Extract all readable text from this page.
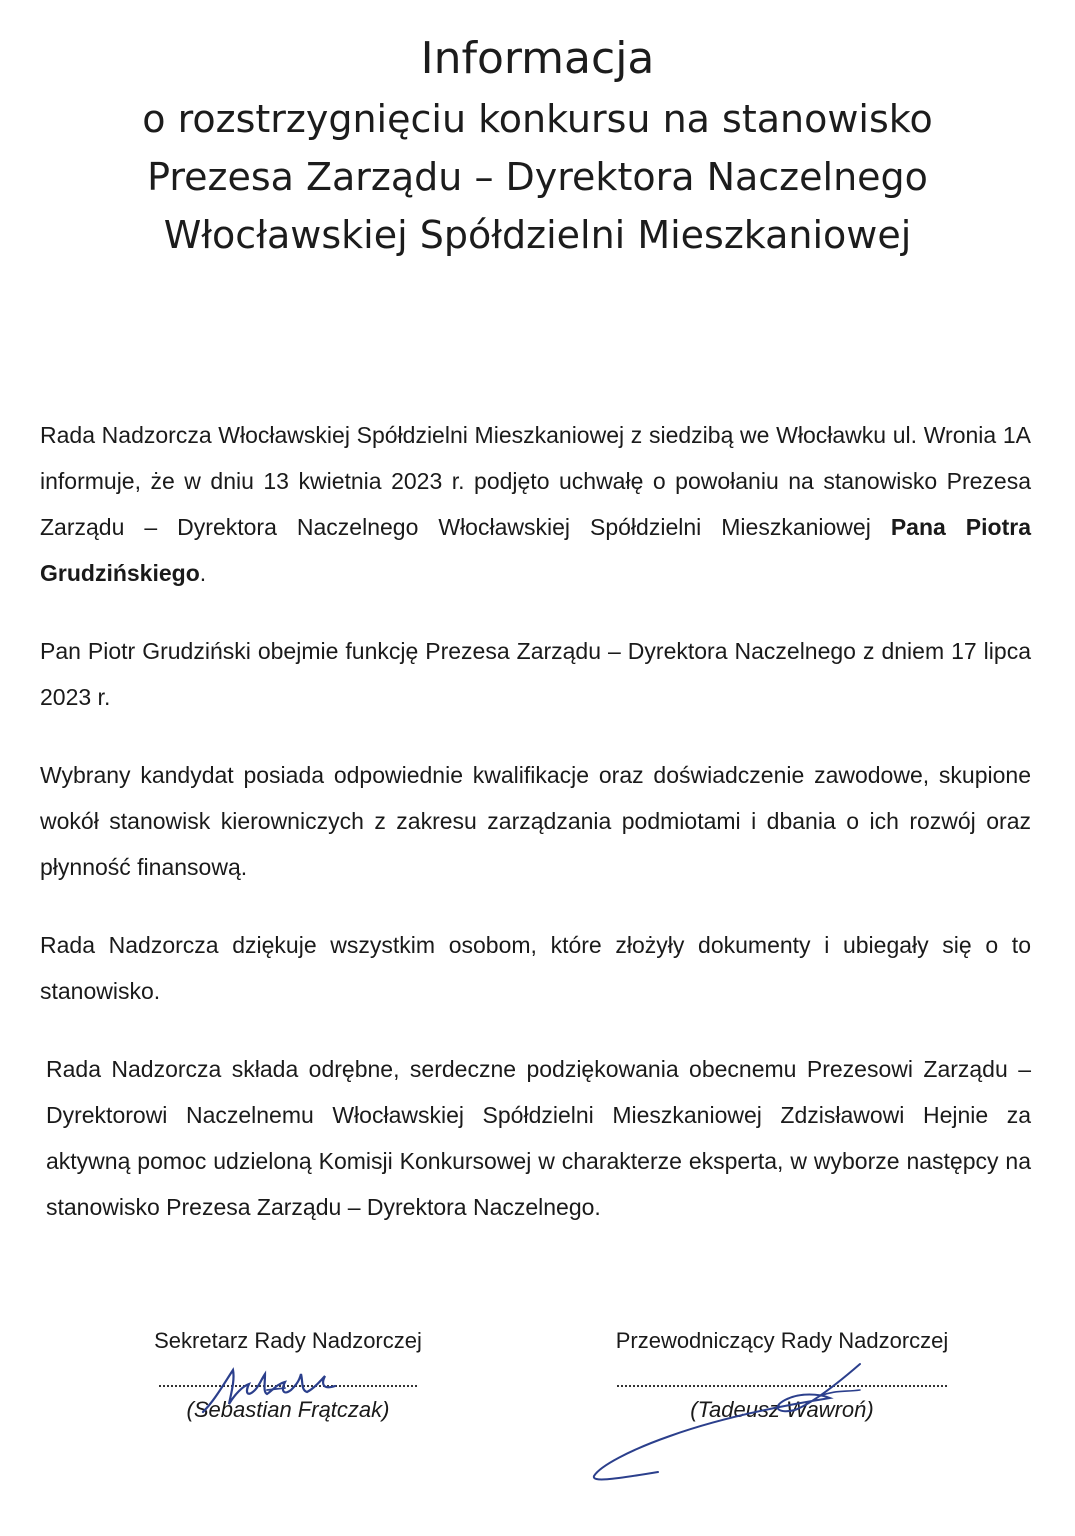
Informacja

o rozstrzygnięciu konkursu na stanowisko

Prezesa Zarządu – Dyrektora Naczelnego

Włocławskiej Spółdzielni Mieszkaniowej

Rada Nadzorcza Włocławskiej Spółdzielni Mieszkaniowej z siedzibą we Włocławku ul. Wronia 1A informuje, że w dniu 13 kwietnia 2023 r. podjęto uchwałę o powołaniu na stanowisko Prezesa Zarządu – Dyrektora Naczelnego Włocławskiej Spółdzielni Mieszkaniowej Pana Piotra Grudzińskiego.

Pan Piotr Grudziński obejmie funkcję Prezesa Zarządu – Dyrektora Naczelnego z dniem 17 lipca 2023 r.

Wybrany kandydat posiada odpowiednie kwalifikacje oraz doświadczenie zawodowe, skupione wokół stanowisk kierowniczych z zakresu zarządzania podmiotami i dbania o ich rozwój oraz płynność finansową.

Rada Nadzorcza dziękuje wszystkim osobom, które złożyły dokumenty i ubiegały się o to stanowisko.

Rada Nadzorcza składa odrębne, serdeczne podziękowania obecnemu Prezesowi Zarządu – Dyrektorowi Naczelnemu Włocławskiej Spółdzielni Mieszkaniowej Zdzisławowi Hejnie za aktywną pomoc udzieloną Komisji Konkursowej w charakterze eksperta, w wyborze następcy na stanowisko Prezesa Zarządu – Dyrektora Naczelnego.

Sekretarz Rady Nadzorczej

(Sebastian Frątczak)

Przewodniczący Rady Nadzorczej

(Tadeusz Wawroń)
